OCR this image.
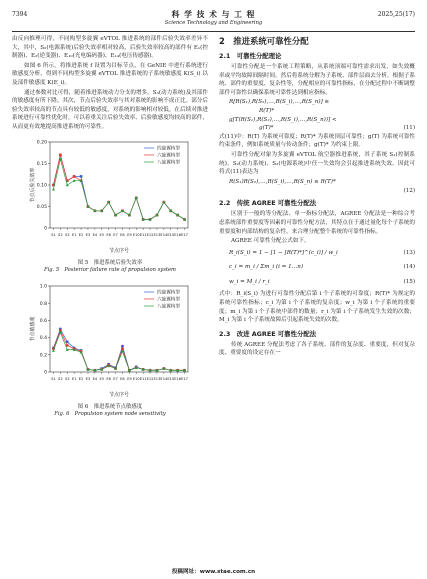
7394	科 学 技 术 与 工 程
Science Technology and Engineering
2025,25(17)

由反向推理可得，不同构型多旋翼 eVTOL 推进系统的部件后验失效率差异不大，其中，S₂(电源系统)后验失效率相对较高，后验失效率较高的部件有 E₁(控制器)、E₂(逆变器)、E₁₀(光电编码器)、E₁₄(电压传感器)。

如图 6 所示，将推进系统 f 设置为目标节点，在 GeNIE 中进行系统进行敏感度分析，得到不同构型多旋翼 eVTOL 推进系统的子系统敏感度 K(S_i) 以及部件敏感度 K(E_i)。

通过参数对比可得，随着推进系统动力分支的增多，S₃(动力系统)及其部件的敏感度有所下降。其次，节点后验失效率与其对系统的影响不成正比。部分后验失效率较高的节点具有较低的敏感度，对系统的影响相对较低。在后续对推进系统进行可靠性优化时，可以着重关注后验失效率、后验敏感度均较高的部件，从而更有效地提高推进系统的可靠性。

0
0.05
0.10
0.15
0.20
S1 S2 S3 E1 E2 E3 E4 E5 E6 E7 E8 E9 E10 E11 E12 E13 E14 E15 E16 E17
节点序号
节点后验失效率
四旋翼构型
六旋翼构型
八旋翼构型
图 5　推进系统后验失效率
Fig. 5　Posterior failure rate of propulsion system
0
0.2
0.4
0.6
0.8
1.0
S1 S2 S3 E1 E2 E3 E4 E5 E6 E7 E8 E9 E10 E11 E12 E13 E14 E15 E16 E17
节点序号
节点敏感度
四旋翼构型
六旋翼构型
八旋翼构型
图 6　推进系统节点敏感度
Fig. 6　Propulsion system node sensitivity
2　推进系统可靠性分配
2.1　可靠性分配理论

可靠性分配是一个系统工程策略，从系统顶端可靠性需求出发，如失效概率或平均故障间隔时间。然后将系统分解为子系统、部件层面去分析。根据子系统、部件的重要度、复杂性等，分配相应的可靠性指标，在分配过程中不断调整部件可靠性以确保系统可靠性达到相应指标。

R[R(S₁),R(S₂),…,R(S_i),…,R(S_n)] ≥
R(T)*
g[T(R(S₁),R(S₂),…,R(S_i),…,R(S_n))] <
g(T)*	(11)

式(11)中：R(T) 为系统可靠度；R(T)* 为系统顶层可靠性；g(T) 为系统可靠性约束条件，例如系统质量与传动条件；g(T)* 为约束上限。

可靠性分配对象为多旋翼 eVTOL 航空器推进系统，其子系统 S₁(控制系统)、S₂(动力系统)、S₃(电源系统)中任一失效均会引起推进系统失效，因此可将式(11)表达为

R(S₁)R(S₂),…,R(S_i),…,R(S_n) ≥ R(T)*
(12)
2.2　传统 AGREE 可靠性分配法

区别于一般的等分配法、单一指标分配法，AGREE 分配法是一种综合考虑系统部件重要度等因素的可靠性分配方法，其特点在于通过量化每个子系统的重要度和内部结构的复杂性，来合理分配整个系统的可靠性指标。

AGREE 可靠性分配公式如下。

R_i(S_i) = 1 − [1 − [R(T)*]^(c_i)] / w_i	(13)
c_i = m_i / Σm_i (i = 1…n)	(14)
w_i = M_i / r_i	(15)

式中：R_i(S_i) 为进行可靠性分配后第 i 个子系统的可靠度；R(T)* 为规定的系统可靠性指标；c_i 为第 i 个子系统的复杂度；w_i 为第 i 个子系统的重要度；m_i 为第 i 个子系统中部件的数量；r_i 为第 i 个子系统发生失效的次数；M_i 为第 i 个子系统故障后引起系统失效的次数。

2.3　改进 AGREE 可靠性分配法

传统 AGREE 分配法考虑了各子系统、部件的复杂度、重要度，但对复杂度、重要度的设定存在一

投稿网址：www.stae.com.cn
